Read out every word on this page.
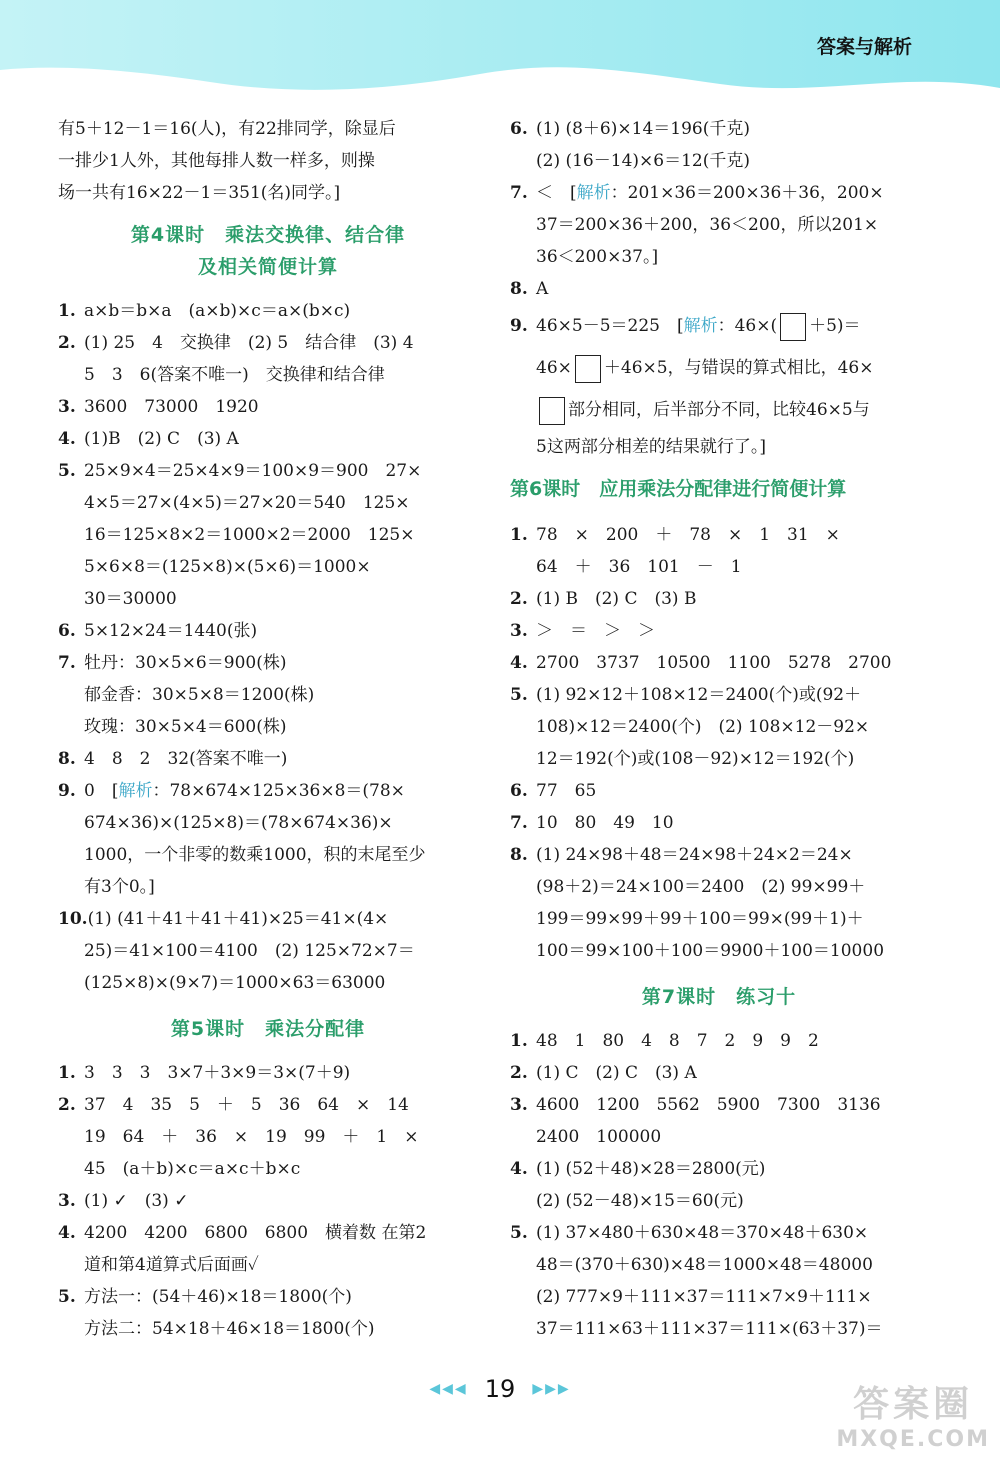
答案与解析
有5＋12－1＝16(人)，有22排同学，除显后
一排少1人外，其他每排人数一样多，则操
场一共有16×22－1＝351(名)同学。]
第4课时　乘法交换律、结合律
及相关简便计算
1. a×b＝b×a　(a×b)×c＝a×(b×c)
2. (1) 25　4　交换律　(2) 5　结合律　(3) 4
5　3　6(答案不唯一)　交换律和结合律
3. 3600　73000　1920
4. (1)B　(2) C　(3) A
5. 25×9×4＝25×4×9＝100×9＝900　27×
4×5＝27×(4×5)＝27×20＝540　125×
16＝125×8×2＝1000×2＝2000　125×
5×6×8＝(125×8)×(5×6)＝1000×
30＝30000
6. 5×12×24＝1440(张)
7. 牡丹：30×5×6＝900(株)
郁金香：30×5×8＝1200(株)
玫瑰：30×5×4＝600(株)
8. 4　8　2　32(答案不唯一)
9. 0　[解析：78×674×125×36×8＝(78×
674×36)×(125×8)＝(78×674×36)×
1000，一个非零的数乘1000，积的末尾至少
有3个0。]
10.(1) (41＋41＋41＋41)×25＝41×(4×
25)＝41×100＝4100　(2) 125×72×7＝
(125×8)×(9×7)＝1000×63＝63000
第5课时　乘法分配律
1. 3　3　3　3×7＋3×9＝3×(7＋9)
2. 37　4　35　5　＋　5　36　64　×　14
19　64　＋　36　×　19　99　＋　1　×
45　(a＋b)×c＝a×c＋b×c
3. (1) ✓　(3) ✓
4. 4200　4200　6800　6800　横着数 在第2
道和第4道算式后面画✓
5. 方法一：(54＋46)×18＝1800(个)
方法二：54×18＋46×18＝1800(个)
6. (1) (8＋6)×14＝196(千克)
(2) (16－14)×6＝12(千克)
7. ＜　[解析：201×36＝200×36＋36，200×
37＝200×36＋200，36＜200，所以201×
36＜200×37。]
8. A
9. 46×5－5＝225　[解析：46×( ＋5)＝
46× ＋46×5，与错误的算式相比，46×
部分相同，后半部分不同，比较46×5与
5这两部分相差的结果就行了。]
第6课时　应用乘法分配律进行简便计算
1. 78　×　200　＋　78　×　1　31　×
64　＋　36　101　－　1
2. (1) B　(2) C　(3) B
3. ＞　＝　＞　＞
4. 2700　3737　10500　1100　5278　2700
5. (1) 92×12＋108×12＝2400(个)或(92＋
108)×12＝2400(个)　(2) 108×12－92×
12＝192(个)或(108－92)×12＝192(个)
6. 77　65
7. 10　80　49　10
8. (1) 24×98＋48＝24×98＋24×2＝24×
(98＋2)＝24×100＝2400　(2) 99×99＋
199＝99×99＋99＋100＝99×(99＋1)＋
100＝99×100＋100＝9900＋100＝10000
第7课时　练习十
1. 48　1　80　4　8　7　2　9　9　2
2. (1) C　(2) C　(3) A
3. 4600　1200　5562　5900　7300　3136
2400　100000
4. (1) (52＋48)×28＝2800(元)
(2) (52－48)×15＝60(元)
5. (1) 37×480＋630×48＝370×48＋630×
48＝(370＋630)×48＝1000×48＝48000
(2) 777×9＋111×37＝111×7×9＋111×
37＝111×63＋111×37＝111×(63＋37)＝
◀◀◀ 19 ▶▶▶	答案圈
MXQE.COM
